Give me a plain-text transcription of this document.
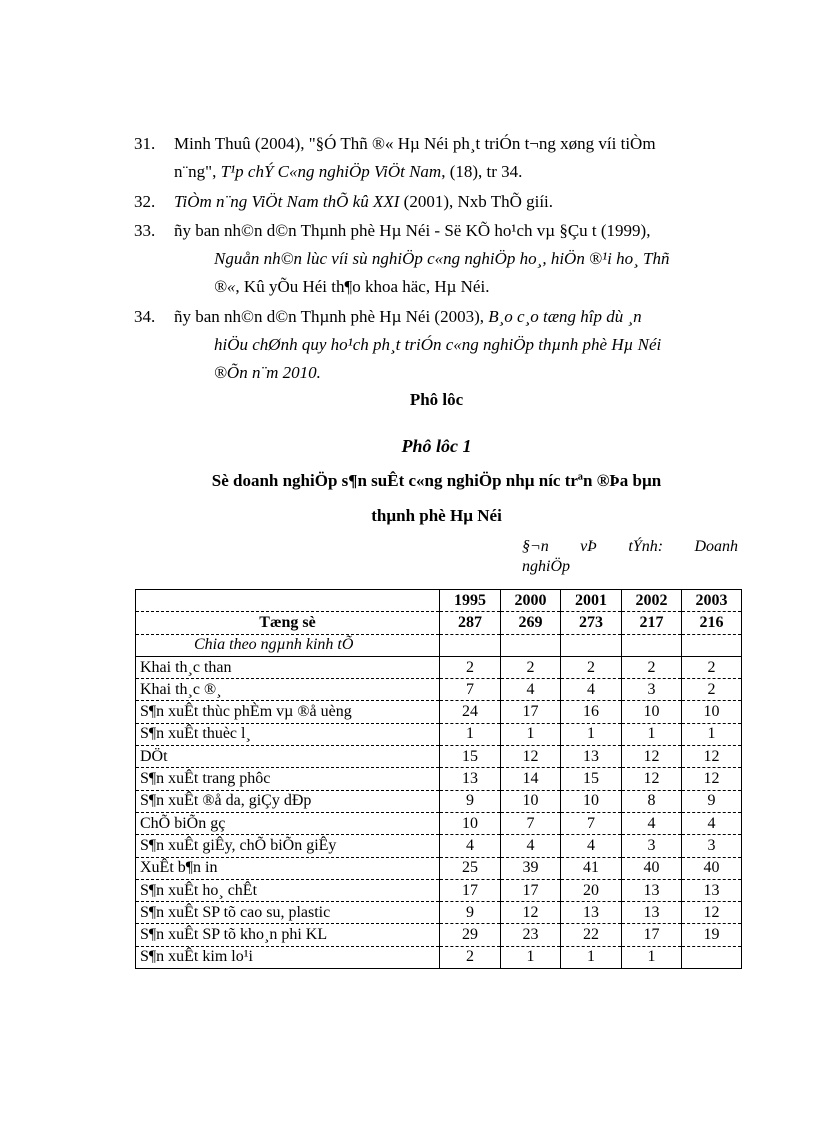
31.	Minh Thuû (2004), "§Ó Thñ ®« Hµ Néi ph¸t triÓn t¬ng xøng víi tiÒm
n¨ng", T¹p chÝ C«ng nghiÖp ViÖt Nam, (18), tr 34.
32.	TiÒm n¨ng ViÖt Nam thÕ kû XXI (2001), Nxb ThÕ giíi.
33.	ñy ban nh©n d©n Thµnh phè Hµ Néi - Së KÕ ho¹ch vµ §Çu t (1999),
Nguån nh©n lùc víi sù nghiÖp c«ng nghiÖp ho¸, hiÖn ®¹i ho¸ Thñ
®«, Kû yÕu Héi th¶o khoa häc, Hµ Néi.
34.	ñy ban nh©n d©n Thµnh phè Hµ Néi (2003), B¸o c¸o tæng hîp dù ¸n
hiÖu chØnh quy ho¹ch ph¸t triÓn c«ng nghiÖp thµnh phè Hµ Néi
®Õn n¨m 2010.
Phô lôc
Phô lôc 1
Sè doanh nghiÖp s¶n suÊt c«ng nghiÖp nhµ níc trªn ®Þa bµn
thµnh phè Hµ Néi
§¬n vÞ tÝnh: Doanh
nghiÖp
	1995	2000	2001	2002	2003
Tæng sè	287	269	273	217	216
Chia theo ngµnh kinh tÕ					
Khai th¸c than	2	2	2	2	2
Khai th¸c ®¸	7	4	4	3	2
S¶n xuÊt thùc phÈm vµ ®å uèng	24	17	16	10	10
S¶n xuÊt thuèc l¸	1	1	1	1	1
DÖt	15	12	13	12	12
S¶n xuÊt trang phôc	13	14	15	12	12
S¶n xuÊt ®å da, giÇy dÐp	9	10	10	8	9
ChÕ biÕn gç	10	7	7	4	4
S¶n xuÊt giÊy, chÕ biÕn giÊy	4	4	4	3	3
XuÊt b¶n in	25	39	41	40	40
S¶n xuÊt ho¸ chÊt	17	17	20	13	13
S¶n xuÊt SP tõ cao su, plastic	9	12	13	13	12
S¶n xuÊt SP tõ kho¸n phi KL	29	23	22	17	19
S¶n xuÊt kim lo¹i	2	1	1	1	
